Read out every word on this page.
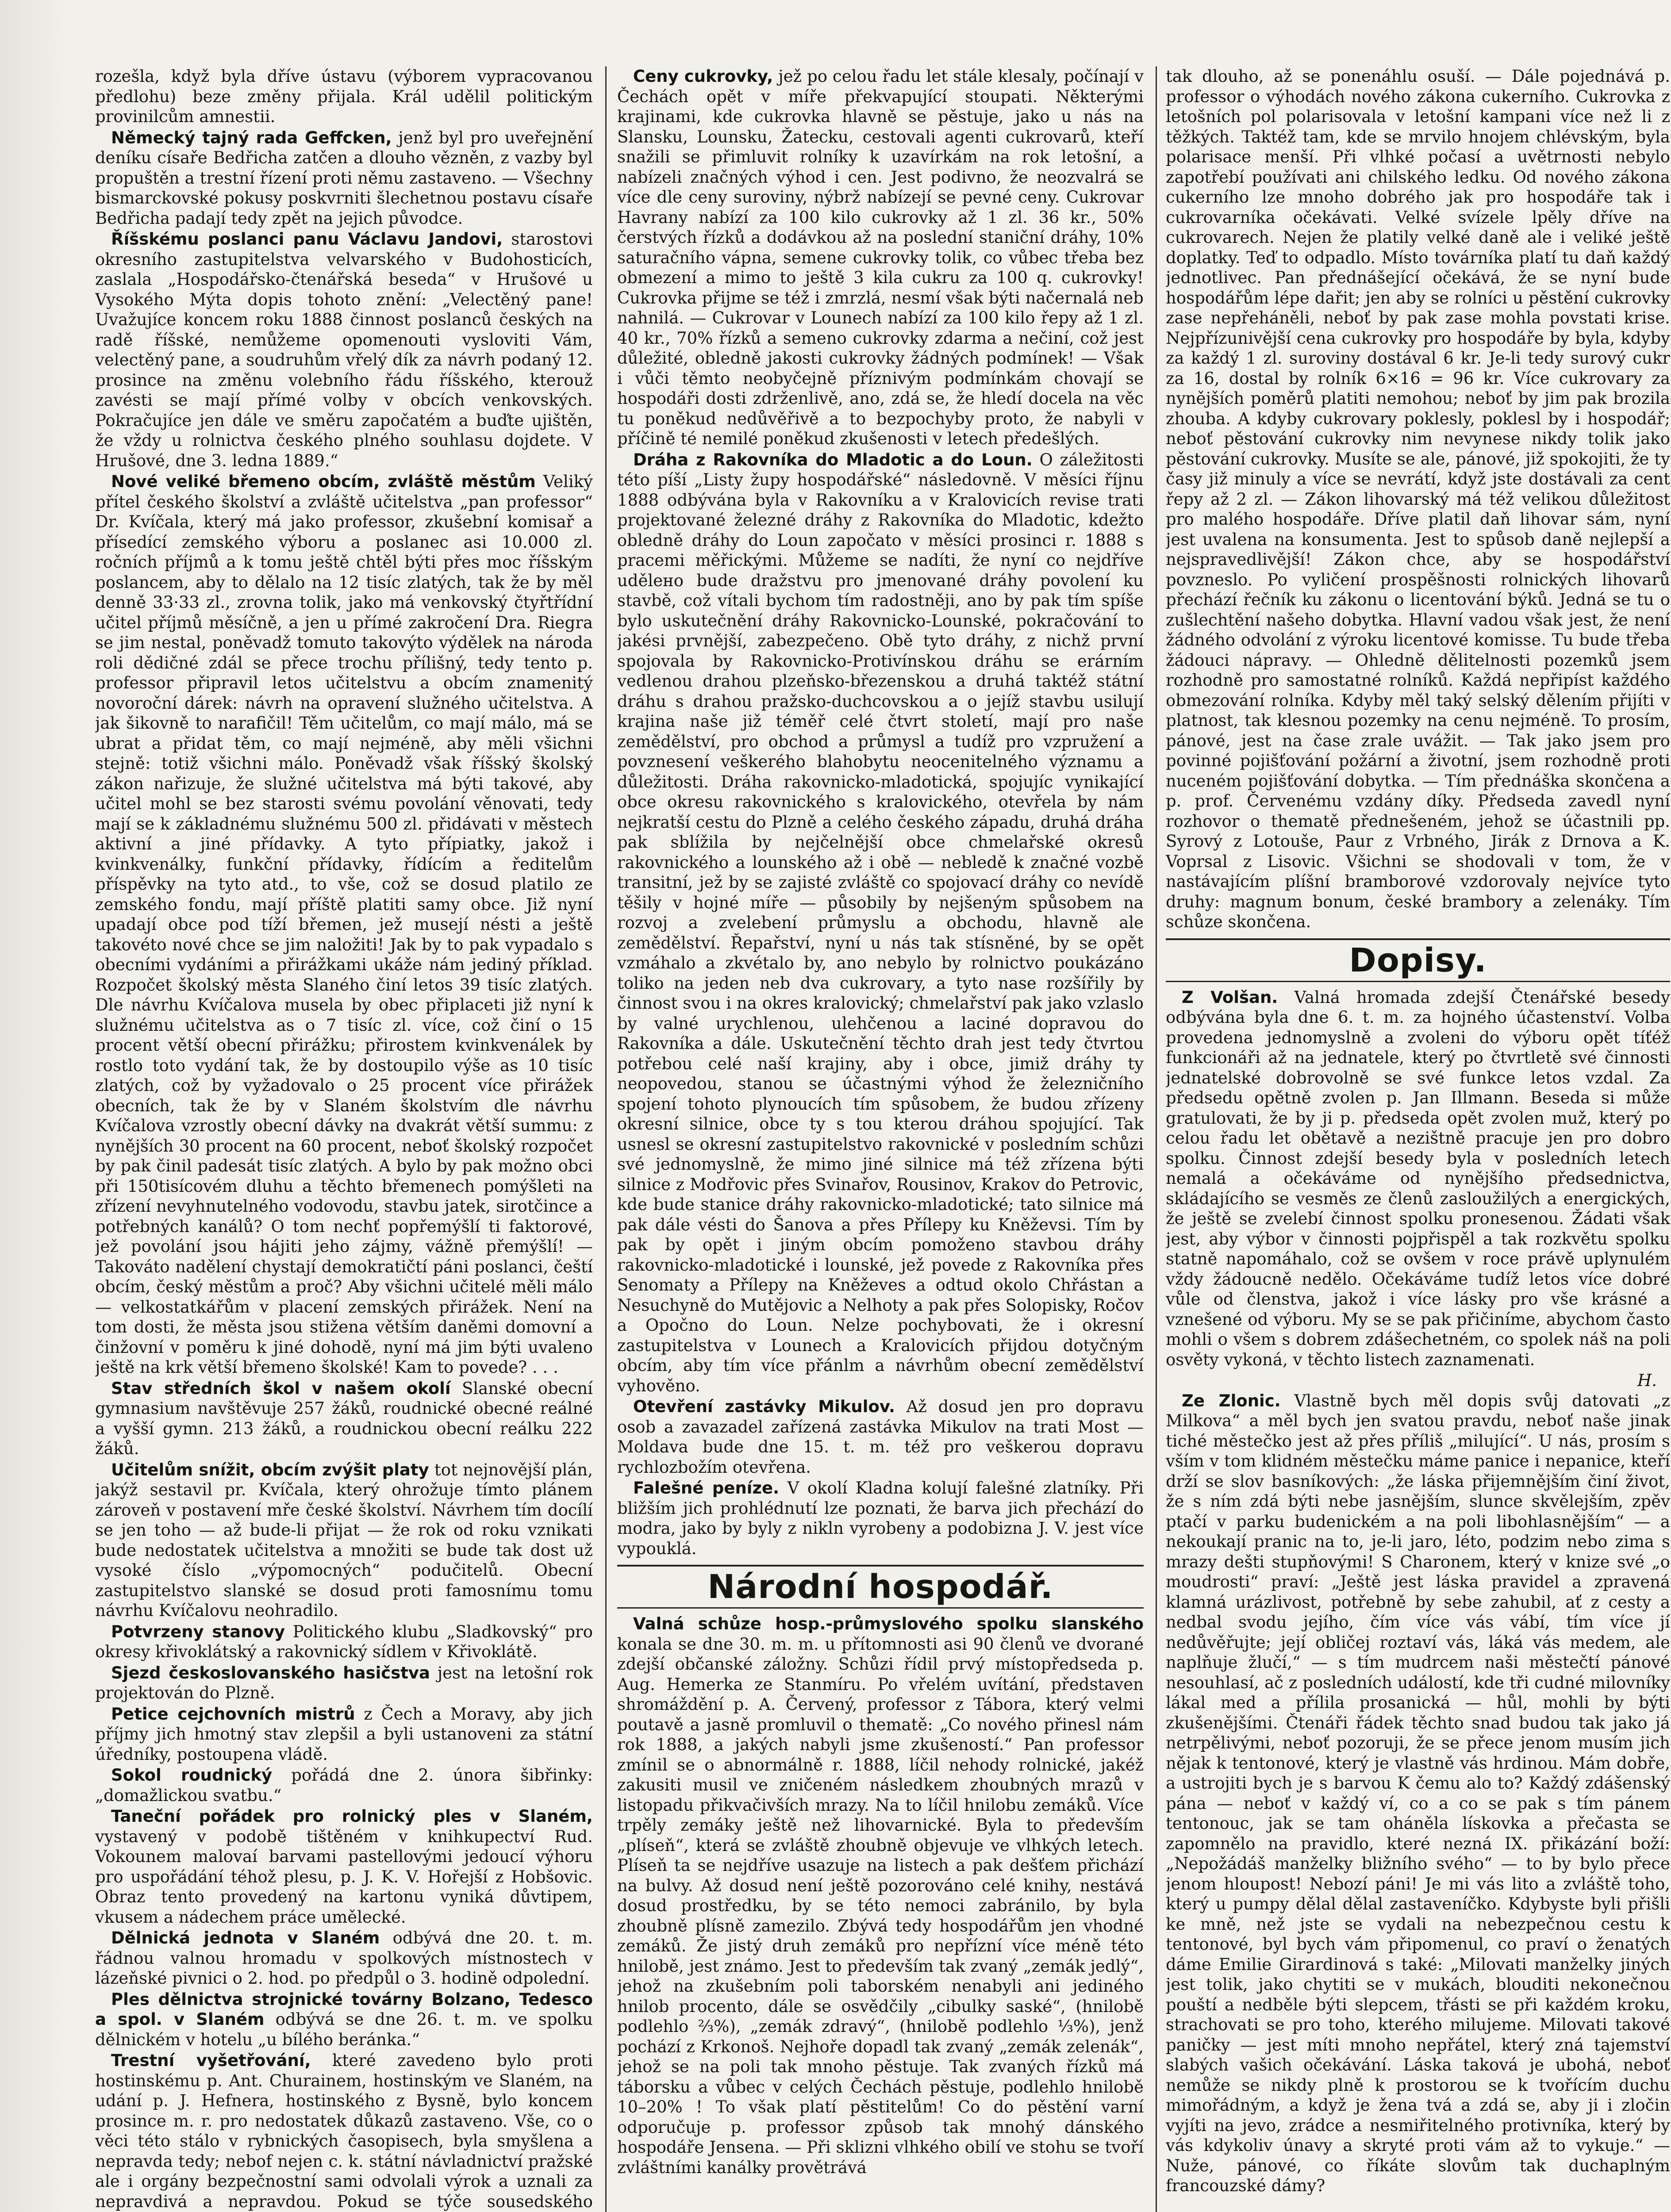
rozešla, když byla dříve ústavu (výborem vypracovanou předlohu) beze změny přijala. Král udělil politickým provinilcům amnestii.

Německý tajný rada Geffcken, jenž byl pro uveřejnění deníku císaře Bedřicha zatčen a dlouho vězněn, z vazby byl propuštěn a trestní řízení proti němu zastaveno. — Všechny bismarckovské pokusy poskvrniti šlechetnou postavu císaře Bedřicha padají tedy zpět na jejich původce.

Říšskému poslanci panu Václavu Jandovi, starostovi okresního zastupitelstva velvarského v Budohosticích, zaslala „Hospodářsko-čtenářská beseda“ v Hrušové u Vysokého Mýta dopis tohoto znění: „Velectěný pane! Uvažujíce koncem roku 1888 činnost poslanců českých na radě říšské, nemůžeme opomenouti vysloviti Vám, velectěný pane, a soudruhům vřelý dík za návrh podaný 12. prosince na změnu volebního řádu říšského, kterouž zavésti se mají přímé volby v obcích venkovských. Pokračujíce jen dále ve směru započatém a buďte ujištěn, že vždy u rolnictva českého plného souhlasu dojdete. V Hrušové, dne 3. ledna 1889.“

Nové veliké břemeno obcím, zvláště městům Veliký přítel českého školství a zvláště učitelstva „pan professor“ Dr. Kvíčala, který má jako professor, zkušební komisař a přísedící zemského výboru a poslanec asi 10.000 zl. ročních příjmů a k tomu ještě chtěl býti přes moc říšským poslancem, aby to dělalo na 12 tisíc zlatých, tak že by měl denně 33·33 zl., zrovna tolik, jako má venkovský čtyřtřídní učitel příjmů měsíčně, a jen u přímé zakročení Dra. Riegra se jim nestal, poněvadž tomuto takovýto výdělek na národa roli dědičné zdál se přece trochu přílišný, tedy tento p. professor připravil letos učitelstvu a obcím znamenitý novoroční dárek: návrh na opravení služného učitelstva. A jak šikovně to narafičil! Těm učitelům, co mají málo, má se ubrat a přidat těm, co mají nejméně, aby měli všichni stejně: totiž všichni málo. Poněvadž však říšský školský zákon nařizuje, že služné učitelstva má býti takové, aby učitel mohl se bez starosti svému povolání věnovati, tedy mají se k základnému služnému 500 zl. přidávati v městech aktivní a jiné přídavky. A tyto přípiatky, jakož i kvinkvenálky, funkční přídavky, řídícím a ředitelům příspěvky na tyto atd., to vše, což se dosud platilo ze zemského fondu, mají příště platiti samy obce. Již nyní upadají obce pod tíží břemen, jež musejí nésti a ještě takovéto nové chce se jim naložiti! Jak by to pak vypadalo s obecními vydáními a přirážkami ukáže nám jediný příklad. Rozpočet školský města Slaného činí letos 39 tisíc zlatých. Dle návrhu Kvíčalova musela by obec připlaceti již nyní k služnému učitelstva as o 7 tisíc zl. více, což činí o 15 procent větší obecní přirážku; přirostem kvinkvenálek by rostlo toto vydání tak, že by dostoupilo výše as 10 tisíc zlatých, což by vyžadovalo o 25 procent více přirážek obecních, tak že by v Slaném školstvím dle návrhu Kvíčalova vzrostly obecní dávky na dvakrát větší summu: z nynějších 30 procent na 60 procent, neboť školský rozpočet by pak činil padesát tisíc zlatých. A bylo by pak možno obci při 150tisícovém dluhu a těchto břemenech pomýšleti na zřízení nevyhnutelného vodovodu, stavbu jatek, sirotčince a potřebných kanálů? O tom nechť popřemýšlí ti faktorové, jež povolání jsou hájiti jeho zájmy, vážně přemýšlí! — Takováto nadělení chystají demokratičtí páni poslanci, čeští obcím, český městům a proč? Aby všichni učitelé měli málo — velkostatkářům v placení zemských přirážek. Není na tom dosti, že města jsou stižena větším daněmi domovní a činžovní v poměru k jiné dohodě, nyní má jim býti uvaleno ještě na krk větší břemeno školské! Kam to povede? . . .

Stav středních škol v našem okolí Slanské obecní gymnasium navštěvuje 257 žáků, roudnické obecné reálné a vyšší gymn. 213 žáků, a roudnickou obecní reálku 222 žáků.

Učitelům snížit, obcím zvýšit platy tot nejnovější plán, jakýž sestavil pr. Kvíčala, který ohrožuje tímto plánem zároveň v postavení mře české školství. Návrhem tím docílí se jen toho — až bude-li přijat — že rok od roku vznikati bude nedostatek učitelstva a množiti se bude tak dost už vysoké číslo „výpomocných“ podučitelů. Obecní zastupitelstvo slanské se dosud proti famosnímu tomu návrhu Kvíčalovu neohradilo.

Potvrzeny stanovy Politického klubu „Sladkovský“ pro okresy křivoklátský a rakovnický sídlem v Křivoklátě.

Sjezd českoslovanského hasičstva jest na letošní rok projektován do Plzně.

Petice cejchovních mistrů z Čech a Moravy, aby jich příjmy jich hmotný stav zlepšil a byli ustanoveni za státní úředníky, postoupena vládě.

Sokol roudnický pořádá dne 2. února šibřinky: „domažlickou svatbu.“

Taneční pořádek pro rolnický ples v Slaném, vystavený v podobě tištěném v knihkupectví Rud. Vokounem malovaí barvami pastellovými jedoucí výhoru pro uspořádání téhož plesu, p. J. K. V. Hořejší z Hobšovic. Obraz tento provedený na kartonu vyniká důvtipem, vkusem a nádechem práce umělecké.

Dělnická jednota v Slaném odbývá dne 20. t. m. řádnou valnou hromadu v spolkových místnostech v lázeňské pivnici o 2. hod. po předpůl o 3. hodině odpolední.

Ples dělnictva strojnické továrny Bolzano, Tedesco a spol. v Slaném odbývá se dne 26. t. m. ve spolku dělnickém v hotelu „u bílého beránka.“

Trestní vyšetřování, které zavedeno bylo proti hostinskému p. Ant. Churainem, hostinským ve Slaném, na udání p. J. Hefnera, hostinského z Bysně, bylo koncem prosince m. r. pro nedostatek důkazů zastaveno. Vše, co o věci této stálo v rybnických časopisech, byla smyšlena a nepravda tedy; nebof nejen c. k. státní návladnictví pražské ale i orgány bezpečnostní sami odvolali výrok a uznali za nepravdivá a nepravdou. Pokud se týče sousedského

Ceny cukrovky, jež po celou řadu let stále klesaly, počínají v Čechách opět v míře překvapující stoupati. Některými krajinami, kde cukrovka hlavně se pěstuje, jako u nás na Slansku, Lounsku, Žatecku, cestovali agenti cukrovarů, kteří snažili se přimluvit rolníky k uzavírkám na rok letošní, a nabízeli značných výhod i cen. Jest podivno, že neozvalrá se více dle ceny suroviny, nýbrž nabízejí se pevné ceny. Cukrovar Havrany nabízí za 100 kilo cukrovky až 1 zl. 36 kr., 50% čerstvých řízků a dodávkou až na poslední staniční dráhy, 10% saturačního vápna, semene cukrovky tolik, co vůbec třeba bez obmezení a mimo to ještě 3 kila cukru za 100 q. cukrovky! Cukrovka přijme se též i zmrzlá, nesmí však býti načernalá neb nahnilá. — Cukrovar v Lounech nabízí za 100 kilo řepy až 1 zl. 40 kr., 70% řízků a semeno cukrovky zdarma a nečiní, což jest důležité, obledně jakosti cukrovky žádných podmínek! — Však i vůči těmto neobyčejně příznivým podmínkám chovají se hospodáři dosti zdrženlivě, ano, zdá se, že hledí docela na věc tu poněkud nedůvěřivě a to bezpochyby proto, že nabyli v příčině té nemilé poněkud zkušenosti v letech předešlých.

Dráha z Rakovníka do Mladotic a do Loun. O záležitosti této píší „Listy župy hospodářské“ následovně. V měsíci říjnu 1888 odbývána byla v Rakovníku a v Kralovicích revise trati projektované železné dráhy z Rakovníka do Mladotic, kdežto obledně dráhy do Loun započato v měsíci prosinci r. 1888 s pracemi měřickými. Můžeme se nadíti, že nyní co nejdříve udělено bude dražstvu pro jmenované dráhy povolení ku stavbě, což vítali bychom tím radostněji, ano by pak tím spíše bylo uskutečnění dráhy Rakovnicko-Lounské, pokračování to jakési prvnější, zabezpečeno. Obě tyto dráhy, z nichž první spojovala by Rakovnicko-Protivínskou dráhu se erárním vedlenou drahou plzeňsko-březenskou a druhá taktéž státní dráhu s drahou pražsko-duchcovskou a o jejíž stavbu usilují krajina naše již téměř celé čtvrt století, mají pro naše zemědělství, pro obchod a průmysl a tudíž pro vzpružení a povznesení veškerého blahobytu neocenitelného významu a důležitosti. Dráha rakovnicko-mladotická, spojujíc vynikající obce okresu rakovnického s kralovického, otevřela by nám nejkratší cestu do Plzně a celého českého západu, druhá dráha pak sblížila by nejčelnější obce chmelařské okresů rakovnického a lounského až i obě — nebledě k značné vozbě transitní, jež by se zajisté zvláště co spojovací dráhy co nevídě těšily v hojné míře — působily by nejšeným spůsobem na rozvoj a zvelebení průmyslu a obchodu, hlavně ale zemědělství. Řepařství, nyní u nás tak stísněné, by se opět vzmáhalo a zkvétalo by, ano nebylo by rolnictvo poukázáno toliko na jeden neb dva cukrovary, a tyto nase rozšířily by činnost svou i na okres kralovický; chmelařství pak jako vzlaslo by valné urychlenou, ulehčenou a laciné dopravou do Rakovníka a dále. Uskutečnění těchto drah jest tedy čtvrtou potřebou celé naší krajiny, aby i obce, jimiž dráhy ty neopovedou, stanou se účastnými výhod že železničního spojení tohoto plynoucích tím spůsobem, že budou zřízeny okresní silnice, obce ty s tou kterou dráhou spojující. Tak usnesl se okresní zastupitelstvo rakovnické v posledním schůzi své jednomyslně, že mimo jiné silnice má též zřízena býti silnice z Modřovic přes Svinařov, Rousinov, Krakov do Petrovic, kde bude stanice dráhy rakovnicko-mladotické; tato silnice má pak dále vésti do Šanova a přes Přílepy ku Kněževsi. Tím by pak by opět i jiným obcím pomoženo stavbou dráhy rakovnicko-mladotické i lounské, jež povede z Rakovníka přes Senomaty a Přílepy na Kněževes a odtud okolo Chřástan a Nesuchyně do Mutějovic a Nelhoty a pak přes Solopisky, Ročov a Opočno do Loun. Nelze pochybovati, že i okresní zastupitelstva v Lounech a Kralovicích přijdou dotyčným obcím, aby tím více přánlm a návrhům obecní zemědělství vyhověno.

Otevření zastávky Mikulov. Až dosud jen pro dopravu osob a zavazadel zařízená zastávka Mikulov na trati Most — Moldava bude dne 15. t. m. též pro veškerou dopravu rychlozbožím otevřena.

Falešné peníze. V okolí Kladna kolují falešné zlatníky. Při bližším jich prohlédnutí lze poznati, že barva jich přechází do modra, jako by byly z nikln vyrobeny a podobizna J. V. jest více vypouklá.

Národní hospodář.

Valná schůze hosp.-průmyslového spolku slanského konala se dne 30. m. m. u přítomnosti asi 90 členů ve dvorané zdejší občanské záložny. Schůzi řídil prvý místopředseda p. Aug. Hemerka ze Stanmíru. Po vřelém uvítání, představen shromáždění p. A. Červený, professor z Tábora, který velmi poutavě a jasně promluvil o thematě: „Co nového přinesl nám rok 1888, a jakých nabyli jsme zkušeností.“ Pan professor zmínil se o abnormálně r. 1888, líčil nehody rolnické, jakéž zakusiti musil ve zničeném následkem zhoubných mrazů v listopadu přikvačivších mrazy. Na to líčil hnilobu zemáků. Více trpěly zemáky ještě než lihovarnické. Byla to především „plíseň“, která se zvláště zhoubně objevuje ve vlhkých letech. Plíseň ta se nejdříve usazuje na listech a pak dešťem přichází na bulvy. Až dosud není ještě pozorováno celé knihy, nestává dosud prostředku, by se této nemoci zabránilo, by byla zhoubně plísně zamezilo. Zbývá tedy hospodářům jen vhodné zemáků. Že jistý druh zemáků pro nepřízní více méně této hnilobě, jest známo. Jest to především tak zvaný „zemák jedlý“, jehož na zkušebním poli taborském nenabyli ani jediného hnilob procento, dále se osvědčily „cibulky saské“, (hnilobě podlehlo ⅔%), „zemák zdravý“, (hnilobě podlehlo ⅓%), jenž pochází z Krkonoš. Nejhoře dopadl tak zvaný „zemák zelenák“, jehož se na poli tak mnoho pěstuje. Tak zvaných řízků má táborsku a vůbec v celých Čechách pěstuje, podlehlo hnilobě 10–20% ! To však platí pěstitelům! Co do pěstění varní odporučuje p. professor způsob tak mnohý dánského hospodáře Jensena. — Při sklizni vlhkého obilí ve stohu se tvoří zvláštními kanálky provětrává

tak dlouho, až se ponenáhlu osuší. — Dále pojednává p. professor o výhodách nového zákona cukerního. Cukrovka z letošních pol polarisovala v letošní kampani více než li z těžkých. Taktéž tam, kde se mrvilo hnojem chlévským, byla polarisace menší. Při vlhké počasí a uvětrnosti nebylo zapotřebí používati ani chilského ledku. Od nového zákona cukerního lze mnoho dobrého jak pro hospodáře tak i cukrovarníka očekávati. Velké svízele lpěly dříve na cukrovarech. Nejen že platily velké daně ale i veliké ještě doplatky. Teď to odpadlo. Místo továrníka platí tu daň každý jednotlivec. Pan přednášející očekává, že se nyní bude hospodářům lépe dařit; jen aby se rolníci u pěstění cukrovky zase nepřeháněli, neboť by pak zase mohla povstati krise. Nejpřízunivější cena cukrovky pro hospodáře by byla, kdyby za každý 1 zl. suroviny dostával 6 kr. Je-li tedy surový cukr za 16, dostal by rolník 6×16 = 96 kr. Více cukrovary za nynějších poměrů platiti nemohou; neboť by jim pak brozila zhouba. A kdyby cukrovary poklesly, poklesl by i hospodář; neboť pěstování cukrovky nim nevynese nikdy tolik jako pěstování cukrovky. Musíte se ale, pánové, již spokojiti, že ty časy již minuly a více se nevrátí, když jste dostávali za cent řepy až 2 zl. — Zákon lihovarský má též velikou důležitost pro malého hospodáře. Dříve platil daň lihovar sám, nyní jest uvalena na konsumenta. Jest to spůsob daně nejlepší a nejspravedlivější! Zákon chce, aby se hospodářství povzneslo. Po vyličení prospěšnosti rolnických lihovarů přechází řečník ku zákonu o licentování býků. Jedná se tu o zušlechtění našeho dobytka. Hlavní vadou však jest, že není žádného odvolání z výroku licentové komisse. Tu bude třeba žádouci nápravy. — Ohledně dělitelnosti pozemků jsem rozhodně pro samostatné rolníků. Každá nepřipíst každého obmezování rolníka. Kdyby měl taký selský dělením přijíti v platnost, tak klesnou pozemky na cenu nejméně. To prosím, pánové, jest na čase zrale uvážit. — Tak jako jsem pro povinné pojišťování požární a životní, jsem rozhodně proti nuceném pojišťování dobytka. — Tím přednáška skončena a p. prof. Červenému vzdány díky. Předseda zavedl nyní rozhovor o thematě přednešeném, jehož se účastnili pp. Syrový z Lotouše, Paur z Vrbného, Jirák z Drnova a K. Voprsal z Lisovic. Všichni se shodovali v tom, že v nastávajícím plíšní bramborové vzdorovaly nejvíce tyto druhy: magnum bonum, české brambory a zelenáky. Tím schůze skončena.

Dopisy.

Z Volšan. Valná hromada zdejší Čtenářské besedy odbývána byla dne 6. t. m. za hojného účastenství. Volba provedena jednomyslně a zvoleni do výboru opět tíťéž funkcionáři až na jednatele, který po čtvrtletě své činnosti jednatelské dobrovolně se své funkce letos vzdal. Za předsedu opětně zvolen p. Jan Illmann. Beseda si může gratulovati, že by ji p. předseda opět zvolen muž, který po celou řadu let obětavě a nezištně pracuje jen pro dobro spolku. Činnost zdejší besedy byla v posledních letech nemalá a očekáváme od nynějšího předsednictva, skládajícího se vesměs ze členů zasloužilých a energických, že ještě se zvelebí činnost spolku pronesenou. Žádati však jest, aby výbor v činnosti pojpřispěl a tak rozkvětu spolku statně napomáhalo, což se ovšem v roce právě uplynulém vždy žádoucně nedělo. Očekáváme tudíž letos více dobré vůle od členstva, jakož i více lásky pro vše krásné a vznešené od výboru. My se se pak přičiníme, abychom často mohli o všem s dobrem zdášechetném, co spolek náš na poli osvěty vykoná, v těchto listech zaznamenati.

H.

Ze Zlonic. Vlastně bych měl dopis svůj datovati „z Milkova“ a měl bych jen svatou pravdu, neboť naše jinak tiché městečko jest až přes příliš „milující“. U nás, prosím s vším v tom klidném městečku máme panice i nepanice, kteří drží se slov basníkových: „že láska přijemnějším činí život, že s ním zdá býti nebe jasnějším, slunce skvělejším, zpěv ptačí v parku budenickém a na poli libohlasnějším“ — a nekoukají pranic na to, je-li jaro, léto, podzim nebo zima s mrazy dešti stupňovými! S Charonem, který v knize své „o moudrosti“ praví: „Ještě jest láska pravidel a zpravená klamná urázlivost, potřebně by sebe zahubil, ať z cesty a nedbal svodu jejího, čím více vás vábí, tím více jí nedůvěřujte; její obličej roztaví vás, láká vás medem, ale naplňuje žlučí,“ — s tím mudrcem naši městečtí pánové nesouhlasí, ač z posledních událostí, kde tři cudné milovníky lákal med a přílila prosanická — hůl, mohli by býti zkušenějšími. Čtenáři řádek těchto snad budou tak jako já netrpělivými, neboť pozoruji, že se přece jenom musím jich nějak k tentonové, který je vlastně vás hrdinou. Mám dobře, a ustrojiti bych je s barvou K čemu alo to? Každý zdášenský pána — neboť v každý ví, co a co se pak s tím pánem tentonouc, jak se tam oháněla lískovka a přečasta se zapomnělo na pravidlo, které nezná IX. přikázání boží: „Nepožádáš manželky bližního svého“ — to by bylo přece jenom hloupost! Nebozí páni! Je mi vás lito a zvláště toho, který u pumpy dělal dělal zastaveníčko. Kdybyste byli přišli ke mně, než jste se vydali na nebezpečnou cestu k tentonové, byl bych vám připomenul, co praví o ženatých dáme Emilie Girardinová s také: „Milovati manželky jiných jest tolik, jako chytiti se v mukách, blouditi nekonečnou pouští a nedběle býti slepcem, třásti se při každém kroku, strachovati se pro toho, kterého milujeme. Milovati takové paničky — jest míti mnoho nepřátel, který zná tajemství slabých vašich očekávání. Láska taková je ubohá, neboť nemůže se nikdy plně k prostorou se k tvořícím duchu mimořádným, a když je žena tvá a zdá se, aby ji i zločin vyjíti na jevo, zrádce a nesmiřitelného protivníka, který by vás kdykoliv únavy a skryté proti vám až to vykuje.“ — Nuže, pánové, co říkáte slovům tak duchaplným francouzské dámy?
